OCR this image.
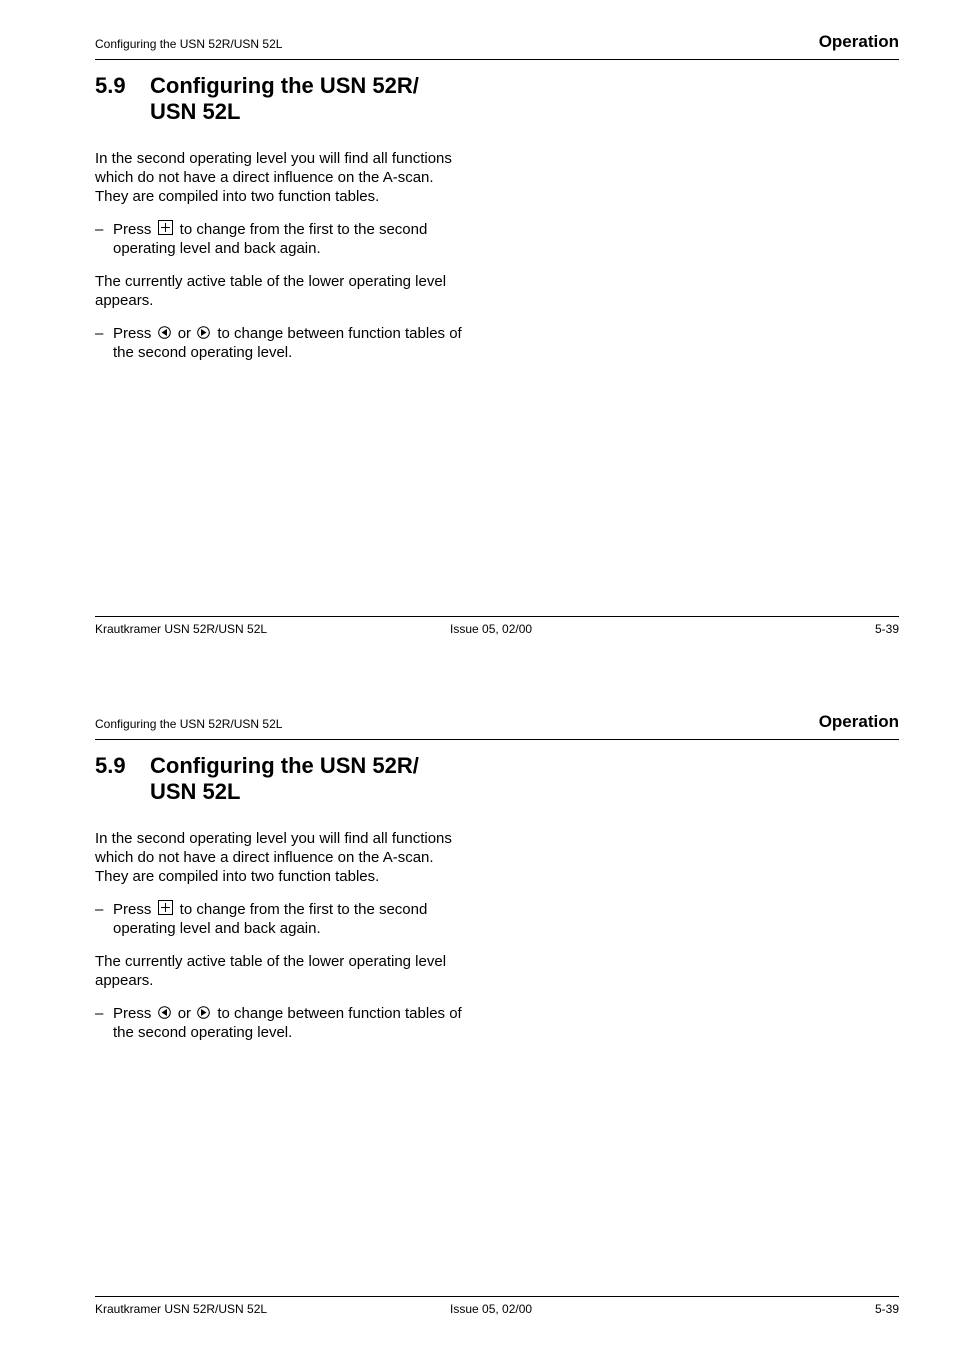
Configuring the USN 52R/USN 52L	Operation
5.9 Configuring the USN 52R/
USN 52L
In the second operating level you will find all functions
which do not have a direct influence on the A-scan.
They are compiled into two function tables.
– Press  to change from the first to the second
operating level and back again.
The currently active table of the lower operating level
appears.
– Press
or
to change between function tables of
the second operating level.
Krautkramer USN 52R/USN 52L	Issue 05, 02/00	5-39
Configuring the USN 52R/USN 52L	Operation
5.9 Configuring the USN 52R/
USN 52L
In the second operating level you will find all functions
which do not have a direct influence on the A-scan.
They are compiled into two function tables.
– Press  to change from the first to the second
operating level and back again.
The currently active table of the lower operating level
appears.
– Press
or
to change between function tables of
the second operating level.
Krautkramer USN 52R/USN 52L	Issue 05, 02/00	5-39
